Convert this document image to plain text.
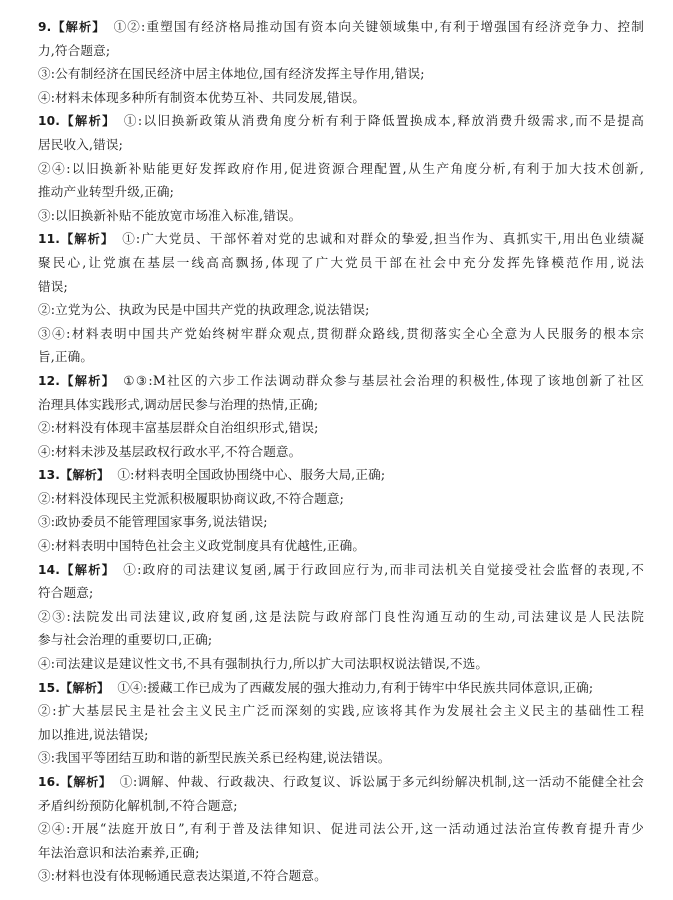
9.【解析】 ①②:重塑国有经济格局推动国有资本向关键领域集中,有利于增强国有经济竞争力、控制
力,符合题意;
③:公有制经济在国民经济中居主体地位,国有经济发挥主导作用,错误;
④:材料未体现多种所有制资本优势互补、共同发展,错误。
10.【解析】 ①:以旧换新政策从消费角度分析有利于降低置换成本,释放消费升级需求,而不是提高
居民收入,错误;
②④:以旧换新补贴能更好发挥政府作用,促进资源合理配置,从生产角度分析,有利于加大技术创新,
推动产业转型升级,正确;
③:以旧换新补贴不能放宽市场准入标准,错误。
11.【解析】 ①:广大党员、干部怀着对党的忠诚和对群众的挚爱,担当作为、真抓实干,用出色业绩凝
聚民心,让党旗在基层一线高高飘扬,体现了广大党员干部在社会中充分发挥先锋模范作用,说法
错误;
②:立党为公、执政为民是中国共产党的执政理念,说法错误;
③④:材料表明中国共产党始终树牢群众观点,贯彻群众路线,贯彻落实全心全意为人民服务的根本宗
旨,正确。
12.【解析】 ①③:M社区的六步工作法调动群众参与基层社会治理的积极性,体现了该地创新了社区
治理具体实践形式,调动居民参与治理的热情,正确;
②:材料没有体现丰富基层群众自治组织形式,错误;
④:材料未涉及基层政权行政水平,不符合题意。
13.【解析】 ①:材料表明全国政协围绕中心、服务大局,正确;
②:材料没体现民主党派积极履职协商议政,不符合题意;
③:政协委员不能管理国家事务,说法错误;
④:材料表明中国特色社会主义政党制度具有优越性,正确。
14.【解析】 ①:政府的司法建议复函,属于行政回应行为,而非司法机关自觉接受社会监督的表现,不
符合题意;
②③:法院发出司法建议,政府复函,这是法院与政府部门良性沟通互动的生动,司法建议是人民法院
参与社会治理的重要切口,正确;
④:司法建议是建议性文书,不具有强制执行力,所以扩大司法职权说法错误,不选。
15.【解析】 ①④:援藏工作已成为了西藏发展的强大推动力,有利于铸牢中华民族共同体意识,正确;
②:扩大基层民主是社会主义民主广泛而深刻的实践,应该将其作为发展社会主义民主的基础性工程
加以推进,说法错误;
③:我国平等团结互助和谐的新型民族关系已经构建,说法错误。
16.【解析】 ①:调解、仲裁、行政裁决、行政复议、诉讼属于多元纠纷解决机制,这一活动不能健全社会
矛盾纠纷预防化解机制,不符合题意;
②④:开展“法庭开放日”,有利于普及法律知识、促进司法公开,这一活动通过法治宣传教育提升青少
年法治意识和法治素养,正确;
③:材料也没有体现畅通民意表达渠道,不符合题意。
